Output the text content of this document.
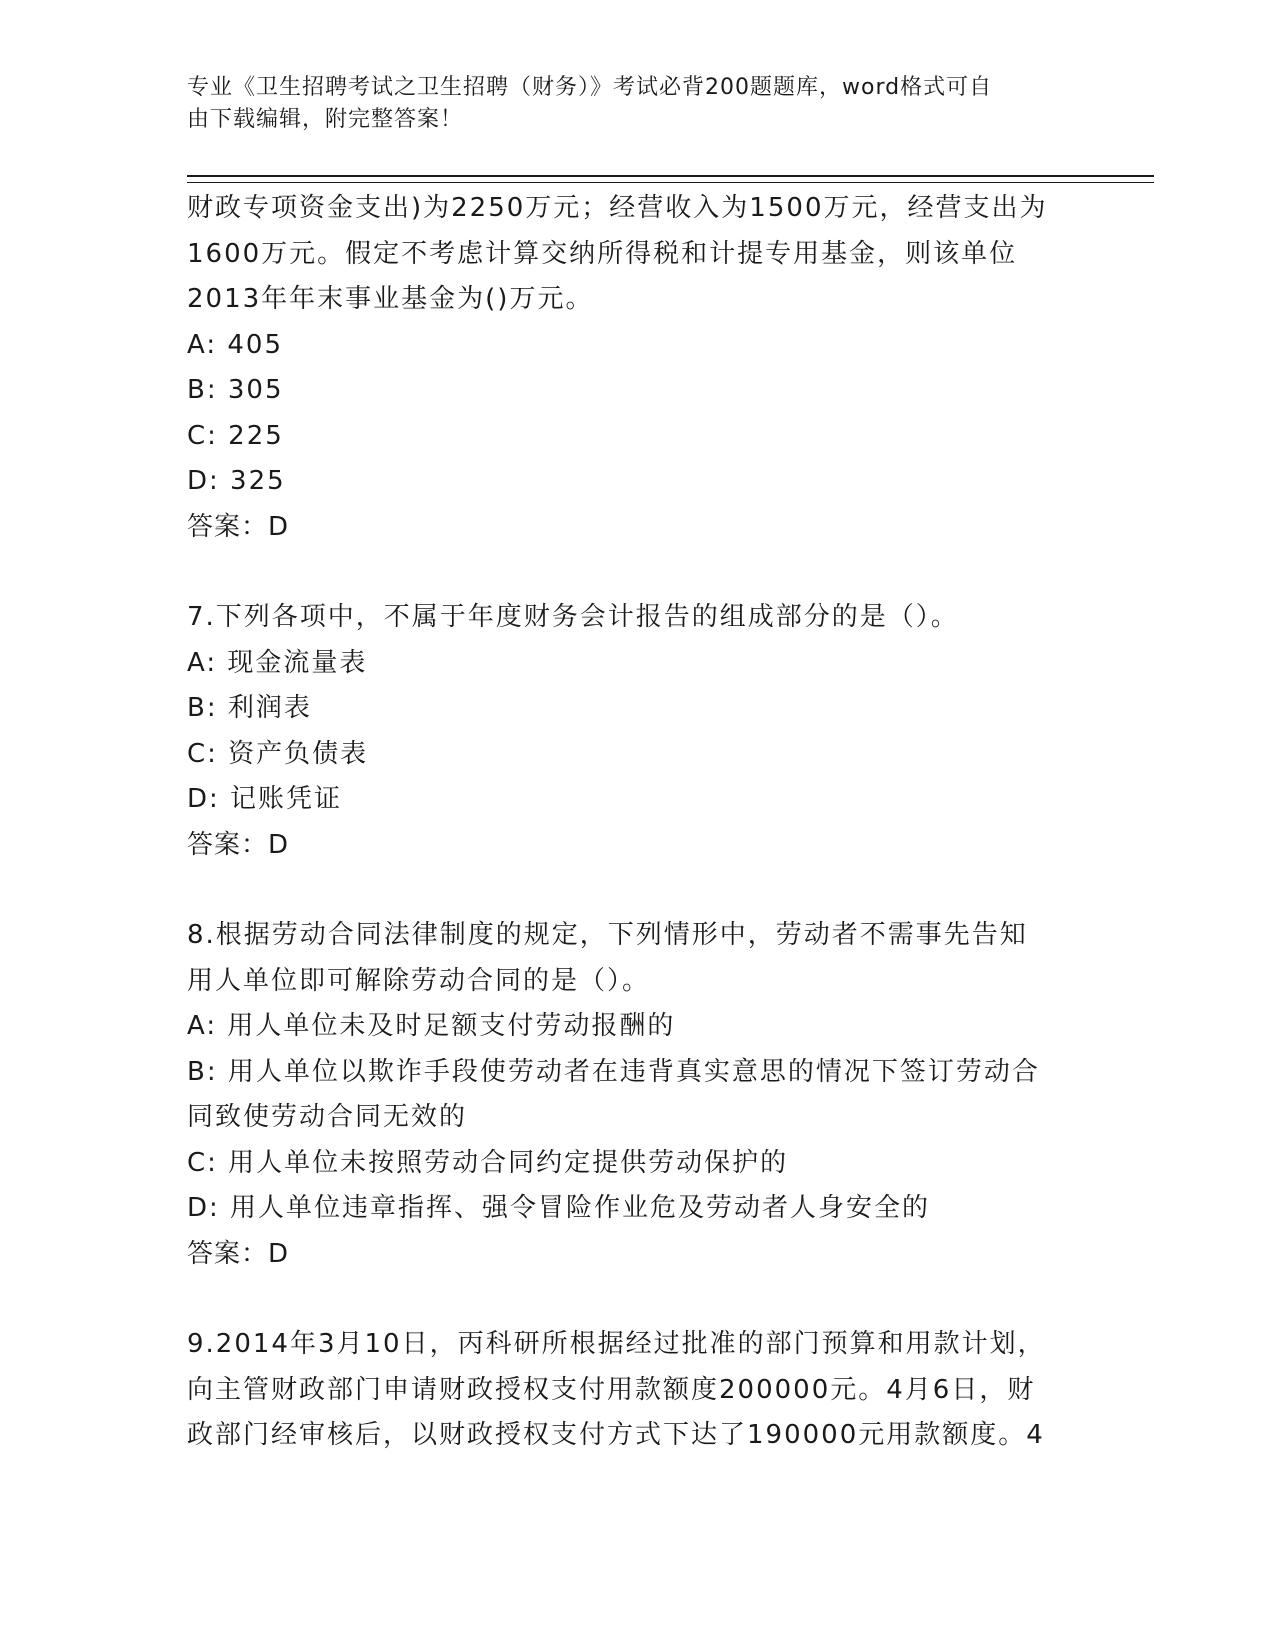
专业《卫生招聘考试之卫生招聘（财务）》考试必背200题题库，word格式可自
由下载编辑，附完整答案！
财政专项资金支出)为2250万元；经营收入为1500万元，经营支出为
1600万元。假定不考虑计算交纳所得税和计提专用基金，则该单位
2013年年末事业基金为()万元。
A: 405
B: 305
C: 225
D: 325
答案：D
7.下列各项中，不属于年度财务会计报告的组成部分的是（）。
A: 现金流量表
B: 利润表
C: 资产负债表
D: 记账凭证
答案：D
8.根据劳动合同法律制度的规定，下列情形中，劳动者不需事先告知
用人单位即可解除劳动合同的是（）。
A: 用人单位未及时足额支付劳动报酬的
B: 用人单位以欺诈手段使劳动者在违背真实意思的情况下签订劳动合
同致使劳动合同无效的
C: 用人单位未按照劳动合同约定提供劳动保护的
D: 用人单位违章指挥、强令冒险作业危及劳动者人身安全的
答案：D
9.2014年3月10日，丙科研所根据经过批准的部门预算和用款计划，
向主管财政部门申请财政授权支付用款额度200000元。4月6日，财
政部门经审核后，以财政授权支付方式下达了190000元用款额度。4
